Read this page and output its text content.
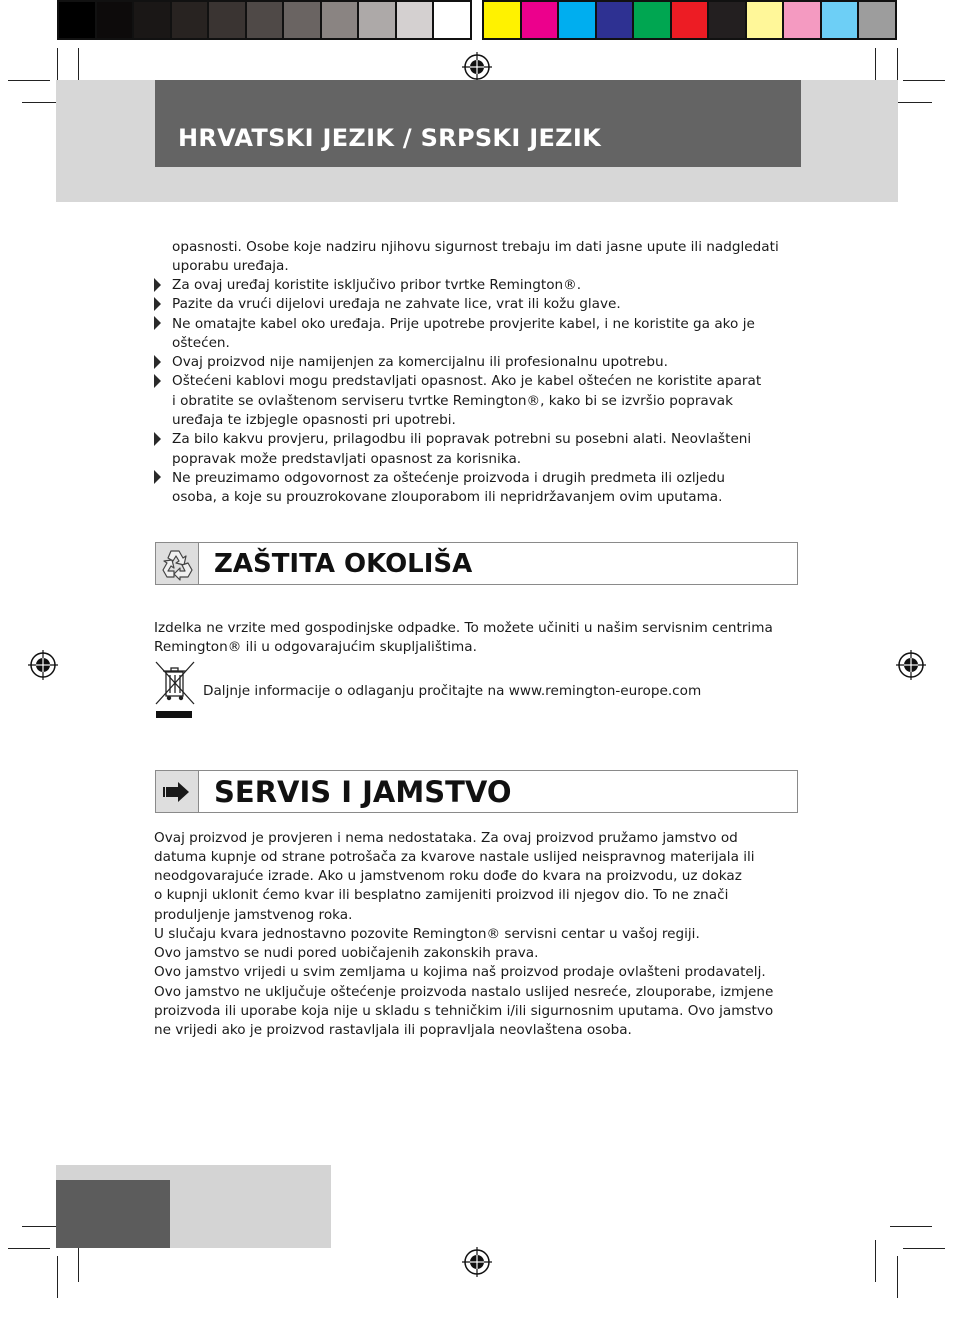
HRVATSKI JEZIK / SRPSKI JEZIK
opasnosti. Osobe koje nadziru njihovu sigurnost trebaju im dati jasne upute ili nadgledati
uporabu uređaja.
Za ovaj uređaj koristite isključivo pribor tvrtke Remington®.
Pazite da vrući dijelovi uređaja ne zahvate lice, vrat ili kožu glave.
Ne omatajte kabel oko uređaja. Prije upotrebe provjerite kabel, i ne koristite ga ako je
oštećen.
Ovaj proizvod nije namijenjen za komercijalnu ili profesionalnu upotrebu.
Oštećeni kablovi mogu predstavljati opasnost. Ako je kabel oštećen ne koristite aparat
i obratite se ovlaštenom serviseru tvrtke Remington®, kako bi se izvršio popravak
uređaja te izbjegle opasnosti pri upotrebi.
Za bilo kakvu provjeru, prilagodbu ili popravak potrebni su posebni alati. Neovlašteni
popravak može predstavljati opasnost za korisnika.
Ne preuzimamo odgovornost za oštećenje proizvoda i drugih predmeta ili ozljedu
osoba, a koje su prouzrokovane zlouporabom ili nepridržavanjem ovim uputama.
ZAŠTITA OKOLIŠA
Izdelka ne vrzite med gospodinjske odpadke. To možete učiniti u našim servisnim centrima
Remington® ili u odgovarajućim skupljalištima.
Daljnje informacije o odlaganju pročitajte na www.remington-europe.com
SERVIS I JAMSTVO
Ovaj proizvod je provjeren i nema nedostataka. Za ovaj proizvod pružamo jamstvo od
datuma kupnje od strane potrošača za kvarove nastale uslijed neispravnog materijala ili
neodgovarajuće izrade. Ako u jamstvenom roku dođe do kvara na proizvodu, uz dokaz
o kupnji uklonit ćemo kvar ili besplatno zamijeniti proizvod ili njegov dio. To ne znači
produljenje jamstvenog roka.
U slučaju kvara jednostavno pozovite Remington® servisni centar u vašoj regiji.
Ovo jamstvo se nudi pored uobičajenih zakonskih prava.
Ovo jamstvo vrijedi u svim zemljama u kojima naš proizvod prodaje ovlašteni prodavatelj.
Ovo jamstvo ne uključuje oštećenje proizvoda nastalo uslijed nesreće, zlouporabe, izmjene
proizvoda ili uporabe koja nije u skladu s tehničkim i/ili sigurnosnim uputama. Ovo jamstvo
ne vrijedi ako je proizvod rastavljala ili popravljala neovlaštena osoba.
